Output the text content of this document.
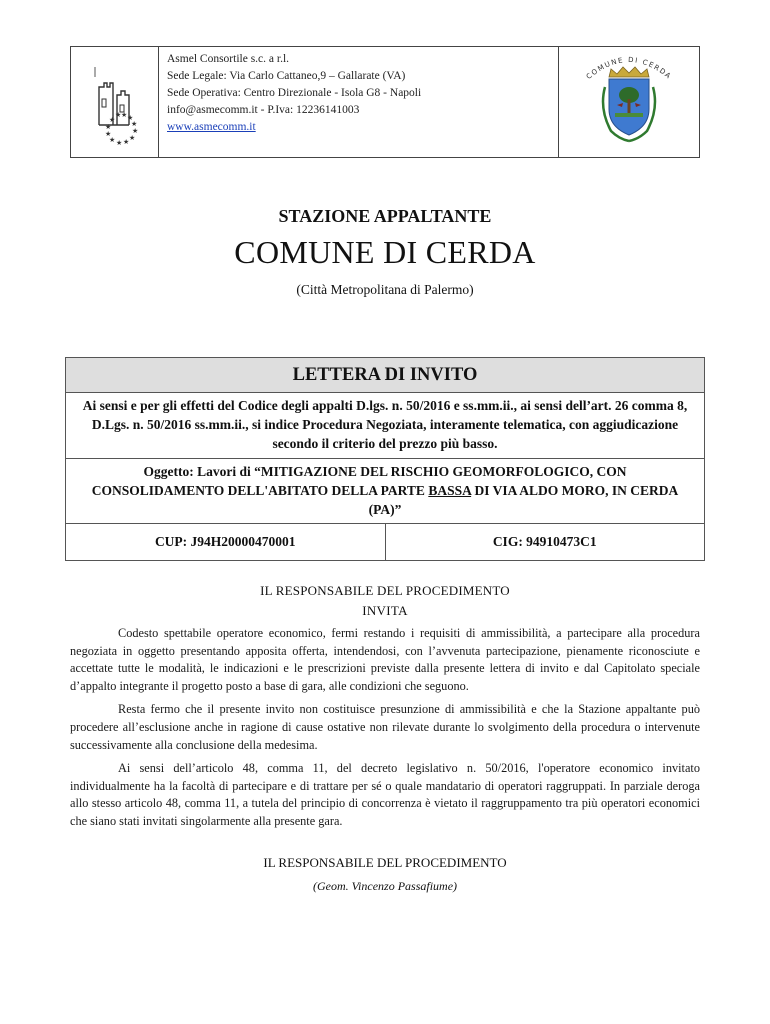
★ ★
★
★
★
★
★
★
★
★
★
★
Asmel Consortile s.c. a r.l.
Sede Legale: Via Carlo Cattaneo,9 – Gallarate (VA)
Sede Operativa: Centro Direzionale - Isola G8 - Napoli
info@asmecomm.it - P.Iva: 12236141003
www.asmecomm.it
COMUNE DI CERDA
STAZIONE APPALTANTE
COMUNE DI CERDA
(Città Metropolitana di Palermo)
LETTERA DI INVITO
Ai sensi e per gli effetti del Codice degli appalti D.lgs. n. 50/2016 e ss.mm.ii., ai sensi dell’art. 26 comma 8, D.Lgs. n. 50/2016 ss.mm.ii., si indice Procedura Negoziata, interamente telematica, con aggiudicazione secondo il criterio del prezzo più basso.
Oggetto: Lavori di “MITIGAZIONE DEL RISCHIO GEOMORFOLOGICO, CON CONSOLIDAMENTO DELL'ABITATO DELLA PARTE BASSA DI VIA ALDO MORO, IN CERDA (PA)”
CUP: J94H20000470001	CIG: 94910473C1
IL RESPONSABILE DEL PROCEDIMENTO
INVITA

Codesto spettabile operatore economico, fermi restando i requisiti di ammissibilità, a partecipare alla procedura negoziata in oggetto presentando apposita offerta, intendendosi, con l’avvenuta partecipazione, pienamente riconosciute e accettate tutte le modalità, le indicazioni e le prescrizioni previste dalla presente lettera di invito e dal Capitolato speciale d’appalto integrante il progetto posto a base di gara, alle condizioni che seguono.

Resta fermo che il presente invito non costituisce presunzione di ammissibilità e che la Stazione appaltante può procedere all’esclusione anche in ragione di cause ostative non rilevate durante lo svolgimento della procedura o intervenute successivamente alla conclusione della medesima.

Ai sensi dell’articolo 48, comma 11, del decreto legislativo n. 50/2016, l'operatore economico invitato individualmente ha la facoltà di partecipare e di trattare per sé o quale mandatario di operatori raggruppati. In parziale deroga allo stesso articolo 48, comma 11, a tutela del principio di concorrenza è vietato il raggruppamento tra più operatori economici che siano stati invitati singolarmente alla presente gara.

IL RESPONSABILE DEL PROCEDIMENTO
(Geom. Vincenzo Passafiume)
